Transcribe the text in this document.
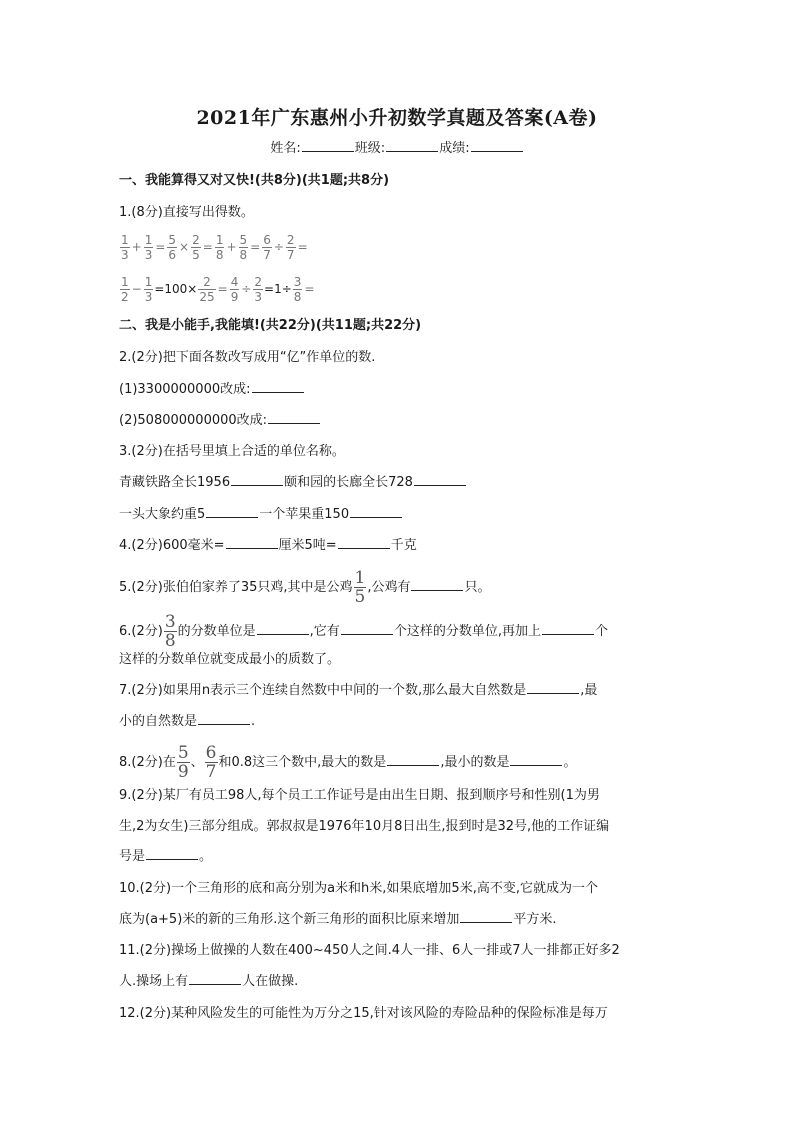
2021年广东惠州小升初数学真题及答案(A卷)
姓名:	班级:	成绩:
一、我能算得又对又快!(共8分)(共1题;共8分)
1.(8分)直接写出得数。
$\frac{1}{3} + \frac{1}{3} = \frac{5}{6} \times \frac{2}{5} = \frac{1}{8} + \frac{5}{8} = \frac{6}{7} \div \frac{2}{7}$ =
$\frac{1}{2} - \frac{1}{3} =100\times \frac{2}{25} = \frac{4}{9} \div \frac{2}{3} =1\div \frac{3}{8}$ =
二、我是小能手,我能填!(共22分)(共11题;共22分)
2.(2分)把下面各数改写成用“亿”作单位的数.
(1)3300000000改成:
(2)508000000000改成:
3.(2分)在括号里填上合适的单位名称。
青藏铁路全长1956	颐和园的长廊全长728
一头大象约重5	一个苹果重150
4.(2分)600毫米=	厘米5吨=	千克
5.(2分)张伯伯家养了35只鸡,其中是公鸡 $\frac{1}{5}$ ,公鸡有	只。
6.(2分) $\frac{3}{8}$ 的分数单位是	,它有	个这样的分数单位,再加上	个
这样的分数单位就变成最小的质数了。
7.(2分)如果用n表示三个连续自然数中中间的一个数,那么最大自然数是	,最
小的自然数是	.
8.(2分)在 $\frac{5}{9}$ 、 $\frac{6}{7}$ 和0.8这三个数中,最大的数是	,最小的数是	。
9.(2分)某厂有员工98人,每个员工工作证号是由出生日期、报到顺序号和性别(1为男
生,2为女生)三部分组成。郭叔叔是1976年10月8日出生,报到时是32号,他的工作证编
号是	。
10.(2分)一个三角形的底和高分别为a米和h米,如果底增加5米,高不变,它就成为一个
底为(a+5)米的新的三角形.这个新三角形的面积比原来增加	平方米.
11.(2分)操场上做操的人数在400~450人之间.4人一排、6人一排或7人一排都正好多2
人.操场上有	人在做操.
12.(2分)某种风险发生的可能性为万分之15,针对该风险的寿险品种的保险标准是每万
